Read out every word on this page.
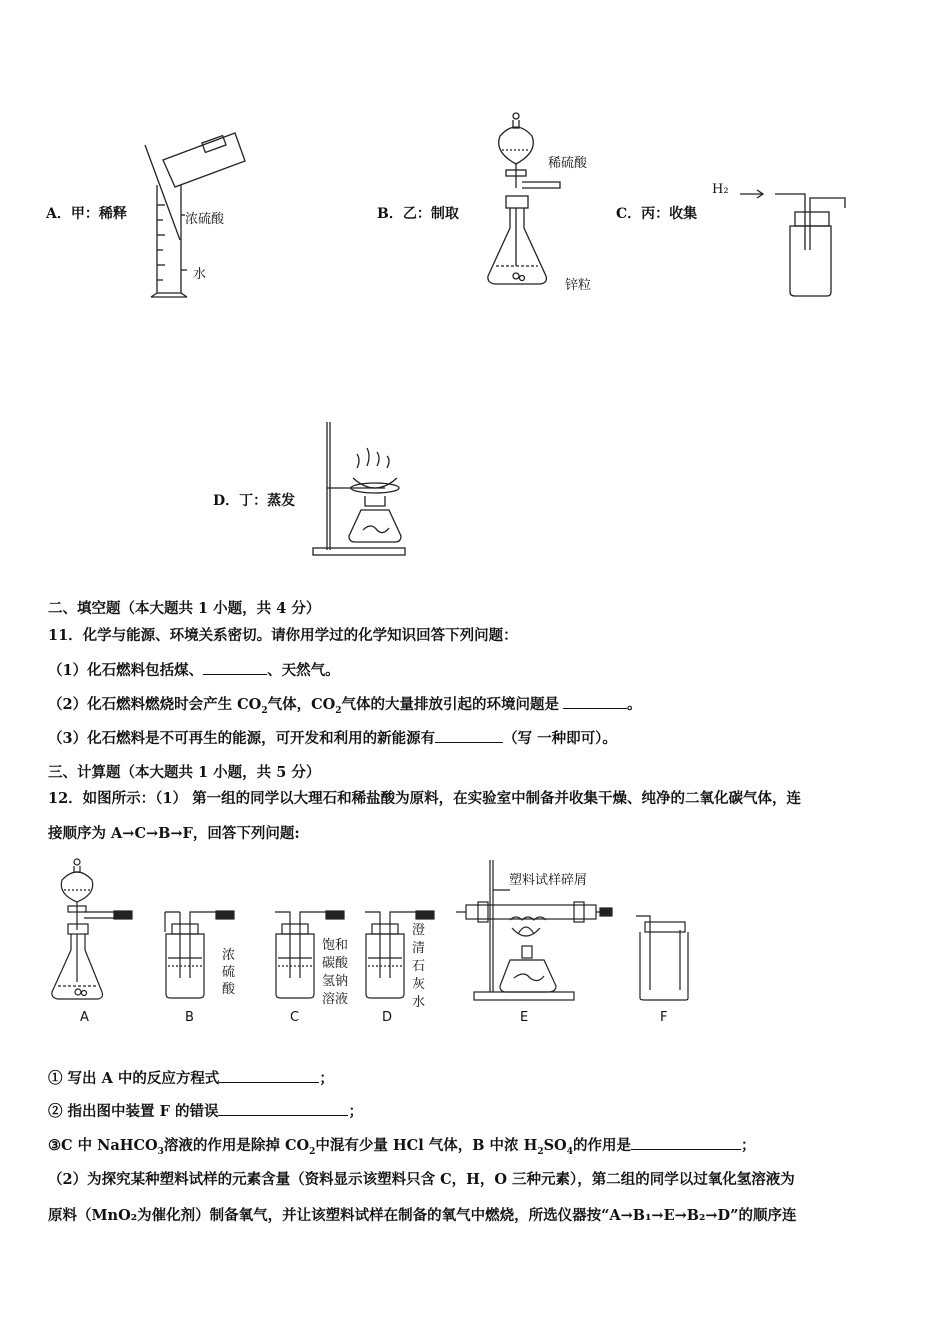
A．甲：稀释	B．乙：制取	C．丙：收集
浓硫酸
水
稀硫酸
锌粒
H₂
D．丁：蒸发
二、填空题（本大题共 1 小题，共 4 分）
11．化学与能源、环境关系密切。请你用学过的化学知识回答下列问题：
（1）化石燃料包括煤、	、天然气。
（2）化石燃料燃烧时会产生 $CO_2$气体，$CO_2$气体的大量排放引起的环境问题是	。
（3）化石燃料是不可再生的能源，可开发和利用的新能源有	（写 一种即可）。
三、计算题（本大题共 1 小题，共 5 分）
12．如图所示：（1） 第一组的同学以大理石和稀盐酸为原料，在实验室中制备并收集干燥、纯净的二氧化碳气体，连
接顺序为 A→C→B→F，回答下列问题:
A	B	C	D	E	F
浓
硫
酸
饱和
碳酸
氢钠
溶液
澄
清
石
灰
水
塑料试样碎屑
① 写出 A 中的反应方程式	；
② 指出图中装置 F 的错误	；
③C 中 NaHCO$_3$溶液的作用是除掉 $CO_2$中混有少量 HCl 气体，B 中浓 $H_2SO_4$的作用是	；
（2）为探究某种塑料试样的元素含量（资料显示该塑料只含 C，H，O 三种元素），第二组的同学以过氧化氢溶液为
原料（MnO₂为催化剂）制备氧气，并让该塑料试样在制备的氧气中燃烧，所选仪器按“A→B₁→E→B₂→D”的顺序连
